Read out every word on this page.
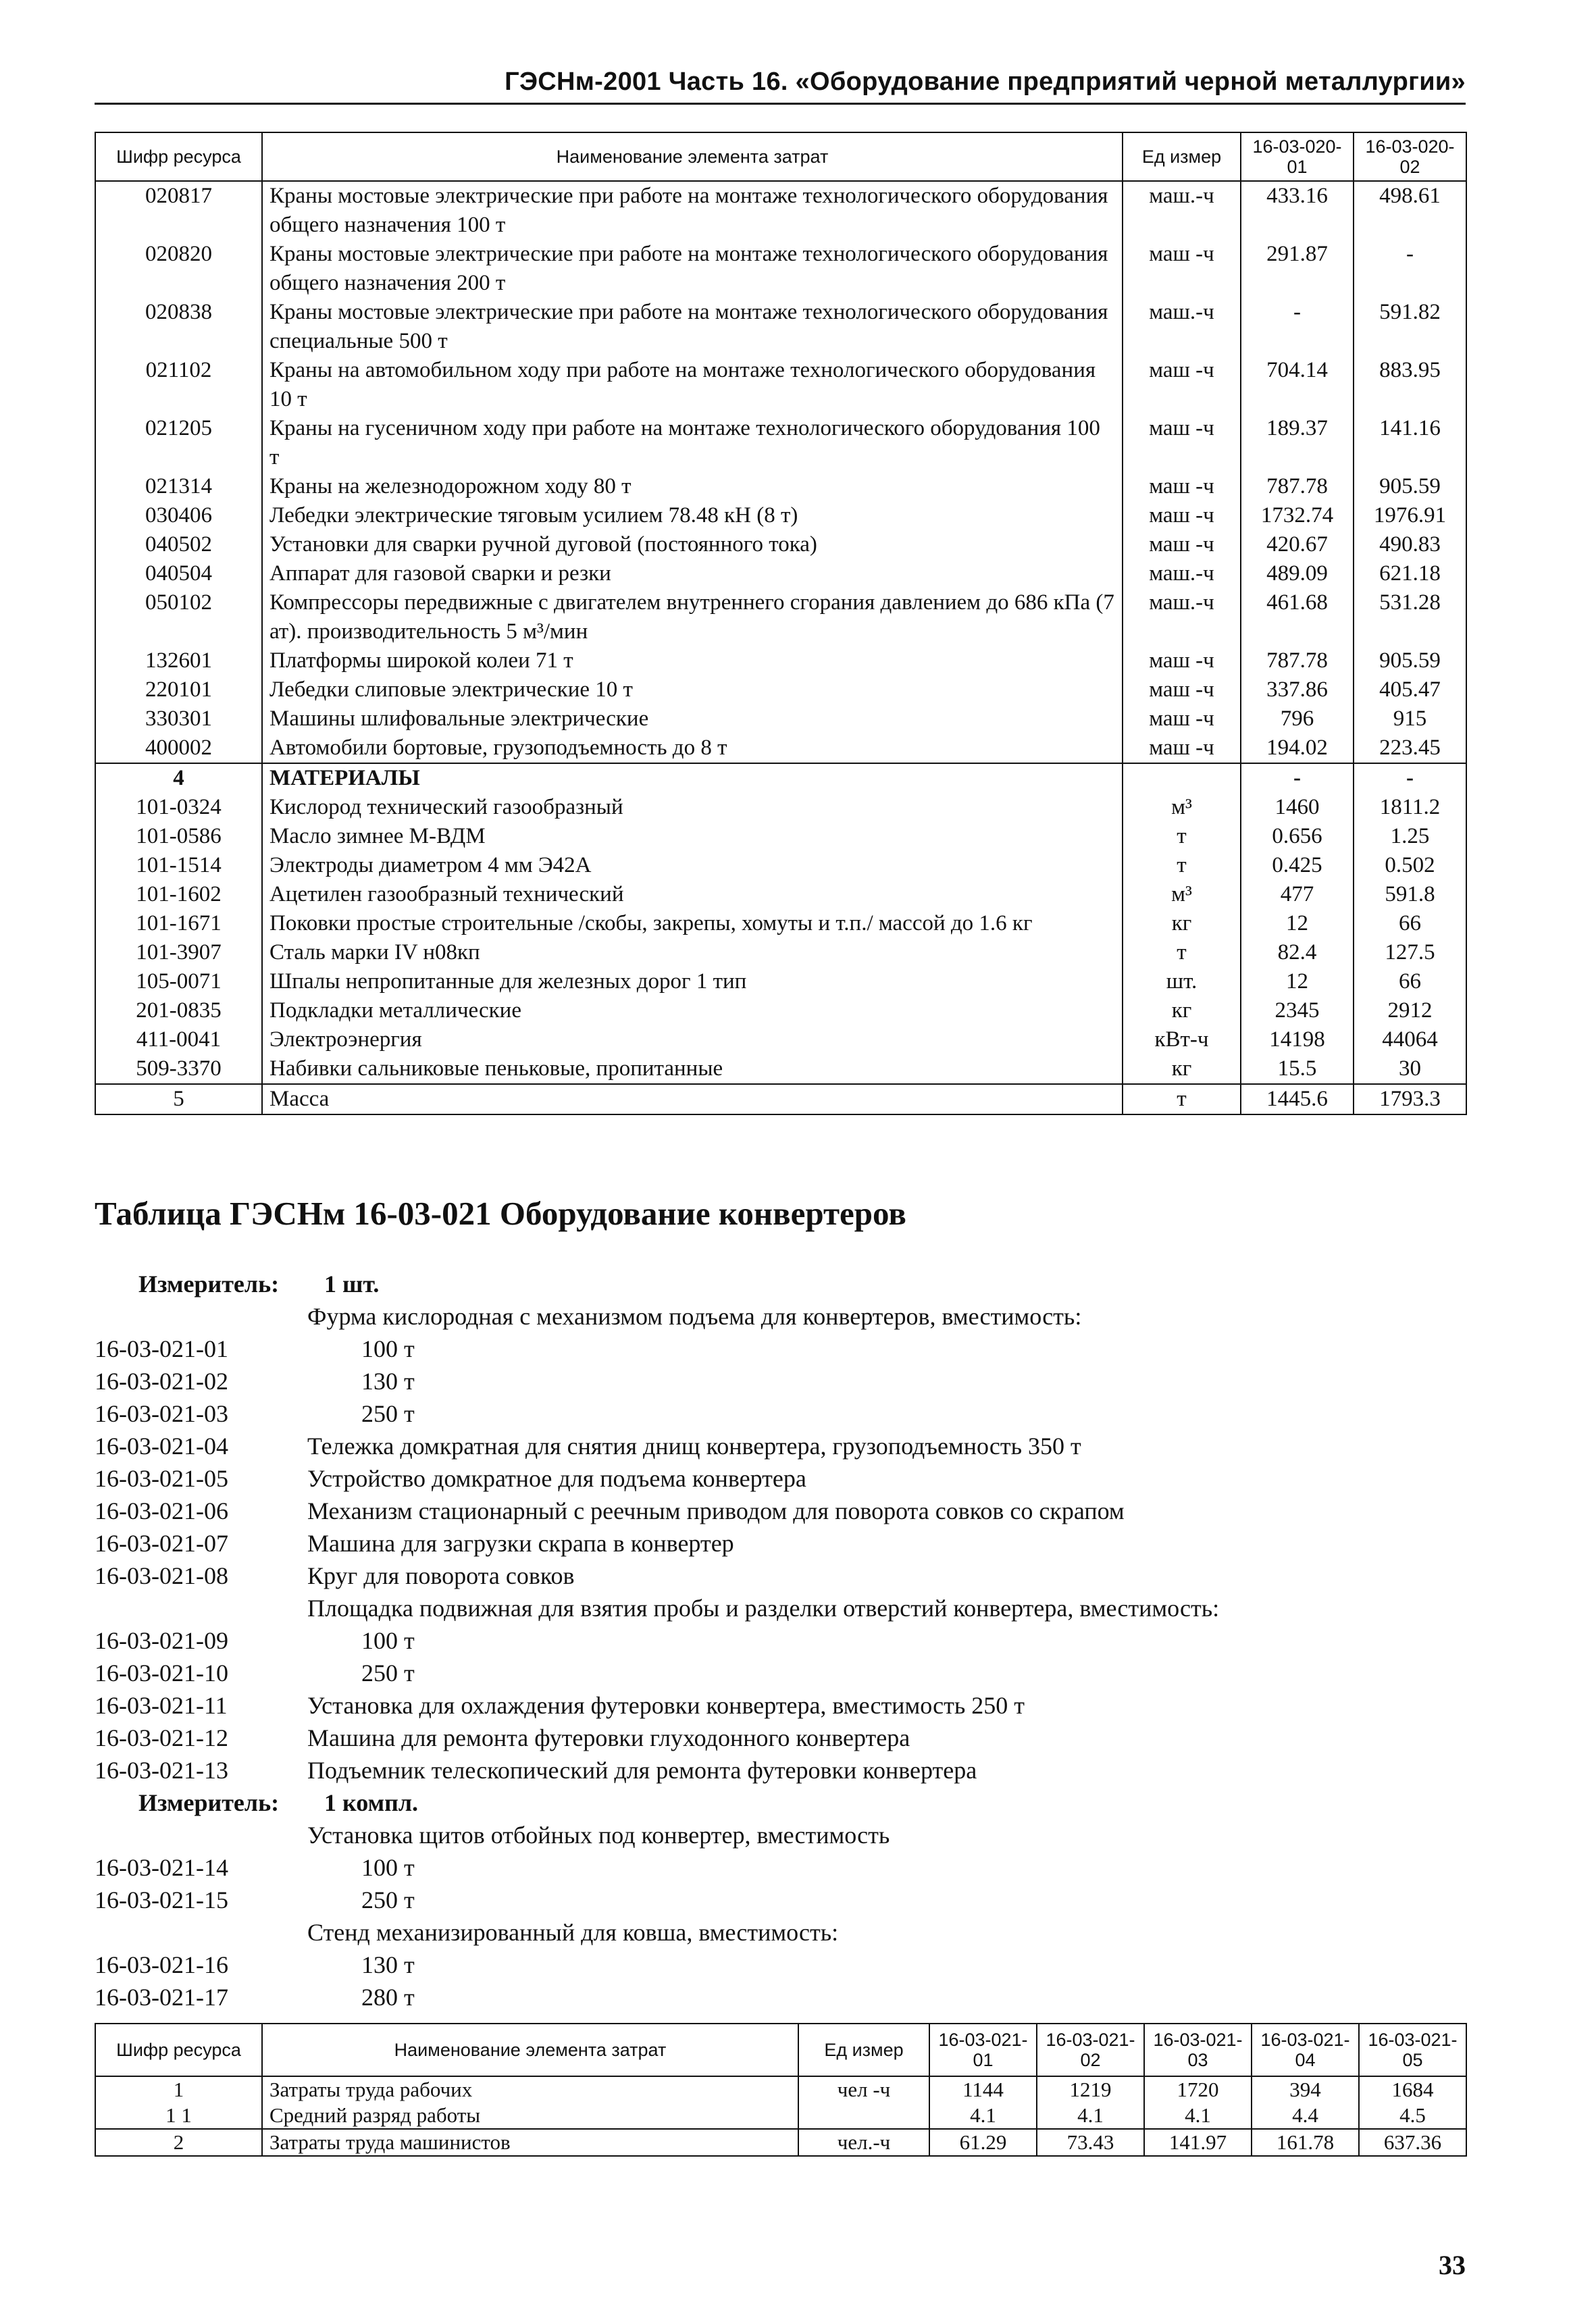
ГЭСНм-2001 Часть 16. «Оборудование предприятий черной металлургии»
Шифр ресурса	Наименование элемента затрат	Ед измер	16-03-020-01	16-03-020-02
020817	Краны мостовые электрические при работе на монтаже технологического оборудования общего назначения 100 т	маш.-ч	433.16	498.61
020820	Краны мостовые электрические при работе на монтаже технологического оборудования общего назначения 200 т	маш -ч	291.87	-
020838	Краны мостовые электрические при работе на монтаже технологического оборудования специальные 500 т	маш.-ч	-	591.82
021102	Краны на автомобильном ходу при работе на монтаже технологического оборудования 10 т	маш -ч	704.14	883.95
021205	Краны на гусеничном ходу при работе на монтаже технологического оборудования 100 т	маш -ч	189.37	141.16
021314	Краны на железнодорожном ходу 80 т	маш -ч	787.78	905.59
030406	Лебедки электрические тяговым усилием 78.48 кН (8 т)	маш -ч	1732.74	1976.91
040502	Установки для сварки ручной дуговой (постоянного тока)	маш -ч	420.67	490.83
040504	Аппарат для газовой сварки и резки	маш.-ч	489.09	621.18
050102	Компрессоры передвижные с двигателем внутреннего сгорания давлением до 686 кПа (7 ат). производительность 5 м³/мин	маш.-ч	461.68	531.28
132601	Платформы широкой колеи 71 т	маш -ч	787.78	905.59
220101	Лебедки слиповые электрические 10 т	маш -ч	337.86	405.47
330301	Машины шлифовальные электрические	маш -ч	796	915
400002	Автомобили бортовые, грузоподъемность до 8 т	маш -ч	194.02	223.45
4	МАТЕРИАЛЫ		-	-
101-0324	Кислород технический газообразный	м³	1460	1811.2
101-0586	Масло зимнее М-ВДМ	т	0.656	1.25
101-1514	Электроды диаметром 4 мм Э42А	т	0.425	0.502
101-1602	Ацетилен газообразный технический	м³	477	591.8
101-1671	Поковки простые строительные /скобы, закрепы, хомуты и т.п./ массой до 1.6 кг	кг	12	66
101-3907	Сталь марки IV н08кп	т	82.4	127.5
105-0071	Шпалы непропитанные для железных дорог 1 тип	шт.	12	66
201-0835	Подкладки металлические	кг	2345	2912
411-0041	Электроэнергия	кВт-ч	14198	44064
509-3370	Набивки сальниковые пеньковые, пропитанные	кг	15.5	30
5	Масса	т	1445.6	1793.3
Таблица ГЭСНм 16-03-021 Оборудование конвертеров
Измеритель: 1 шт.
Фурма кислородная с механизмом подъема для конвертеров, вместимость:
16-03-021-01	100 т
16-03-021-02	130 т
16-03-021-03	250 т
16-03-021-04	Тележка домкратная для снятия днищ конвертера, грузоподъемность 350 т
16-03-021-05	Устройство домкратное для подъема конвертера
16-03-021-06	Механизм стационарный с реечным приводом для поворота совков со скрапом
16-03-021-07	Машина для загрузки скрапа в конвертер
16-03-021-08	Круг для поворота совков
Площадка подвижная для взятия пробы и разделки отверстий конвертера, вместимость:
16-03-021-09	100 т
16-03-021-10	250 т
16-03-021-11	Установка для охлаждения футеровки конвертера, вместимость 250 т
16-03-021-12	Машина для ремонта футеровки глуходонного конвертера
16-03-021-13	Подъемник телескопический для ремонта футеровки конвертера
Измеритель: 1 компл.
Установка щитов отбойных под конвертер, вместимость
16-03-021-14	100 т
16-03-021-15	250 т
Стенд механизированный для ковша, вместимость:
16-03-021-16	130 т
16-03-021-17	280 т
Шифр ресурса	Наименование элемента затрат	Ед измер	16-03-021-01	16-03-021-02	16-03-021-03	16-03-021-04	16-03-021-05
1	Затраты труда рабочих	чел -ч	1144	1219	1720	394	1684
1 1	Средний разряд работы		4.1	4.1	4.1	4.4	4.5
2	Затраты труда машинистов	чел.-ч	61.29	73.43	141.97	161.78	637.36
33
